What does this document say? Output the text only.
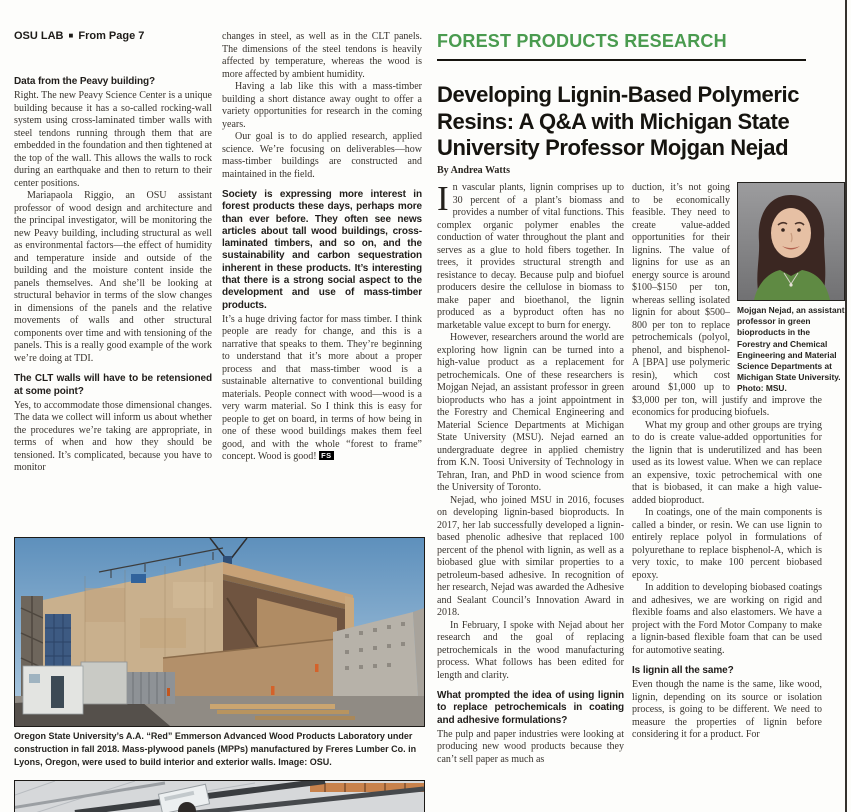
OSU LAB ■ From Page 7
Data from the Peavy building?

Right. The new Peavy Science Center is a unique building because it has a so-called rocking-wall system using cross-laminated timber walls with steel tendons running through them that are embedded in the foundation and then tightened at the top of the wall. This allows the walls to rock during an earthquake and then to return to their center positions.

Mariapaola Riggio, an OSU assistant professor of wood design and architecture and the principal investigator, will be monitoring the new Peavy building, including structural as well as environmental factors—the effect of humidity and temperature inside and outside of the building and the moisture content inside the panels themselves. And she’ll be looking at structural behavior in terms of the slow changes in dimensions of the panels and the relative movements of walls and other structural components over time and with tensioning of the panels. This is a really good example of the work we’re doing at TDI.

The CLT walls will have to be retensioned at some point?

Yes, to accommodate those dimensional changes. The data we collect will inform us about whether the procedures we’re taking are appropriate, in terms of when and how they should be tensioned. It’s complicated, because you have to monitor

changes in steel, as well as in the CLT panels. The dimensions of the steel tendons is heavily affected by temperature, whereas the wood is more affected by ambient humidity.

Having a lab like this with a mass-timber building a short distance away ought to offer a variety opportunities for research in the coming years.

Our goal is to do applied research, applied science. We’re focusing on deliverables—how mass-timber buildings are constructed and maintained in the field.

Society is expressing more interest in forest products these days, perhaps more than ever before. They often see news articles about tall wood buildings, cross-laminated timbers, and so on, and the sustainability and carbon sequestration inherent in these products. It’s interesting that there is a strong social aspect to the development and use of mass-timber products.

It’s a huge driving factor for mass timber. I think people are ready for change, and this is a narrative that speaks to them. They’re beginning to understand that it’s more about a proper process and that mass-timber wood is a sustainable alternative to conventional building materials. People connect with wood—wood is a very warm material. So I think this is easy for people to get on board, in terms of how being in one of these wood buildings makes them feel good, and with the whole “forest to frame” concept. Wood is good! FS

Oregon State University’s A.A. “Red” Emmerson Advanced Wood Products Laboratory under construction in fall 2018. Mass-plywood panels (MPPs) manufactured by Freres Lumber Co. in Lyons, Oregon, were used to build interior and exterior walls. Image: OSU.
FOREST PRODUCTS RESEARCH
Developing Lignin-Based Polymeric
Resins: A Q&A with Michigan State
University Professor Mojgan Nejad
By Andrea Watts

In vascular plants, lignin comprises up to 30 percent of a plant’s biomass and provides a number of vital functions. This complex organic polymer enables the conduction of water throughout the plant and serves as a glue to hold fibers together. In trees, it provides structural strength and resistance to decay. Because pulp and biofuel producers desire the cellulose in biomass to make paper and bioethanol, the lignin produced as a byproduct often has no marketable value except to burn for energy.

However, researchers around the world are exploring how lignin can be turned into a high-value product as a replacement for petrochemicals. One of these researchers is Mojgan Nejad, an assistant professor in green bioproducts who has a joint appointment in the Forestry and Chemical Engineering and Material Science Departments at Michigan State University (MSU). Nejad earned an undergraduate degree in applied chemistry from K.N. Toosi University of Technology in Tehran, Iran, and PhD in wood science from the University of Toronto.

Nejad, who joined MSU in 2016, focuses on developing lignin-based bioproducts. In 2017, her lab successfully developed a lignin-based phenolic adhesive that replaced 100 percent of the phenol with lignin, as well as a biobased glue with similar properties to a petroleum-based adhesive. In recognition of her research, Nejad was awarded the Adhesive and Sealant Council’s Innovation Award in 2018.

In February, I spoke with Nejad about her research and the goal of replacing petrochemicals in the wood manufacturing process. What follows has been edited for length and clarity.

What prompted the idea of using lignin to replace petrochemicals in coating and adhesive formulations?

The pulp and paper industries were looking at producing new wood products because they can’t sell paper as much as

duction, it’s not going to be economically feasible. They need to create value-added opportunities for their lignins. The value of lignins for use as an energy source is around $100–$150 per ton, whereas selling isolated lignin for about $500–800 per ton to replace petrochemicals (polyol, phenol, and bisphenol-A [BPA] use polymeric resin), which cost around $1,000 up to $3,000 per ton, will justify and improve the economics for producing biofuels.

What my group and other groups are trying to do is create value-added opportunities for the lignin that is underutilized and has been used as its lowest value. When we can replace an expensive, toxic petrochemical with one that is biobased, it can make a high value-added bioproduct.

In coatings, one of the main components is called a binder, or resin. We can use lignin to entirely replace polyol in formulations of polyurethane to replace bisphenol-A, which is very toxic, to make 100 percent biobased epoxy.

In addition to developing biobased coatings and adhesives, we are working on rigid and flexible foams and also elastomers. We have a project with the Ford Motor Company to make a lignin-based flexible foam that can be used for automotive seating.

Is lignin all the same?

Even though the name is the same, like wood, lignin, depending on its source or isolation process, is going to be different. We need to measure the properties of lignin before considering it for a product. For

Mojgan Nejad, an assistant professor in green bioproducts in the Forestry and Chemical Engineering and Material Science Departments at Michigan State University. Photo: MSU.
